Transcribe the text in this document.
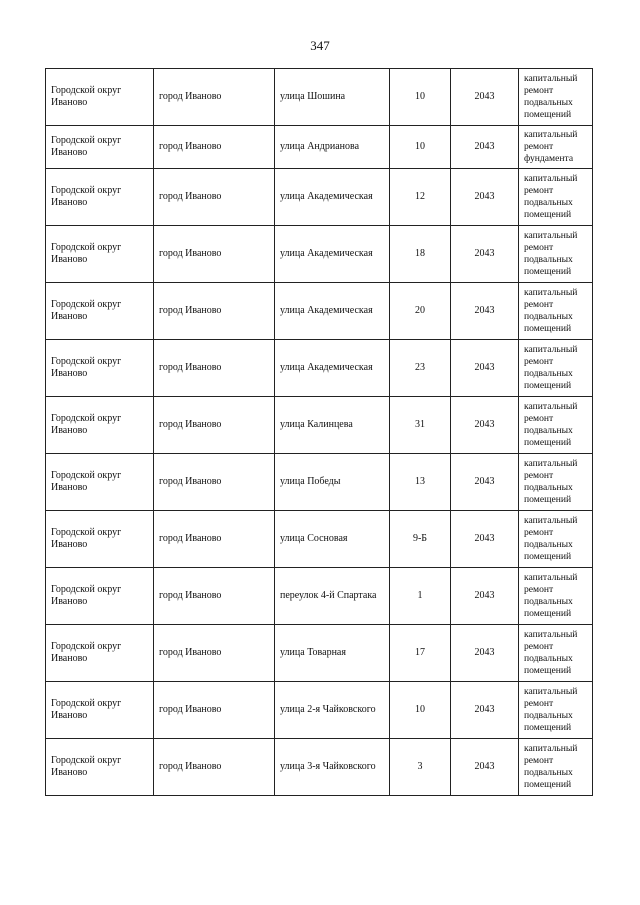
347
Городской округ Иваново	город Иваново	улица Шошина	10	2043	капитальный ремонт подвальных помещений
Городской округ Иваново	город Иваново	улица Андрианова	10	2043	капитальный ремонт фундамента
Городской округ Иваново	город Иваново	улица Академическая	12	2043	капитальный ремонт подвальных помещений
Городской округ Иваново	город Иваново	улица Академическая	18	2043	капитальный ремонт подвальных помещений
Городской округ Иваново	город Иваново	улица Академическая	20	2043	капитальный ремонт подвальных помещений
Городской округ Иваново	город Иваново	улица Академическая	23	2043	капитальный ремонт подвальных помещений
Городской округ Иваново	город Иваново	улица Калинцева	31	2043	капитальный ремонт подвальных помещений
Городской округ Иваново	город Иваново	улица Победы	13	2043	капитальный ремонт подвальных помещений
Городской округ Иваново	город Иваново	улица Сосновая	9-Б	2043	капитальный ремонт подвальных помещений
Городской округ Иваново	город Иваново	переулок 4-й Спартака	1	2043	капитальный ремонт подвальных помещений
Городской округ Иваново	город Иваново	улица Товарная	17	2043	капитальный ремонт подвальных помещений
Городской округ Иваново	город Иваново	улица 2-я Чайковского	10	2043	капитальный ремонт подвальных помещений
Городской округ Иваново	город Иваново	улица 3-я Чайковского	3	2043	капитальный ремонт подвальных помещений
